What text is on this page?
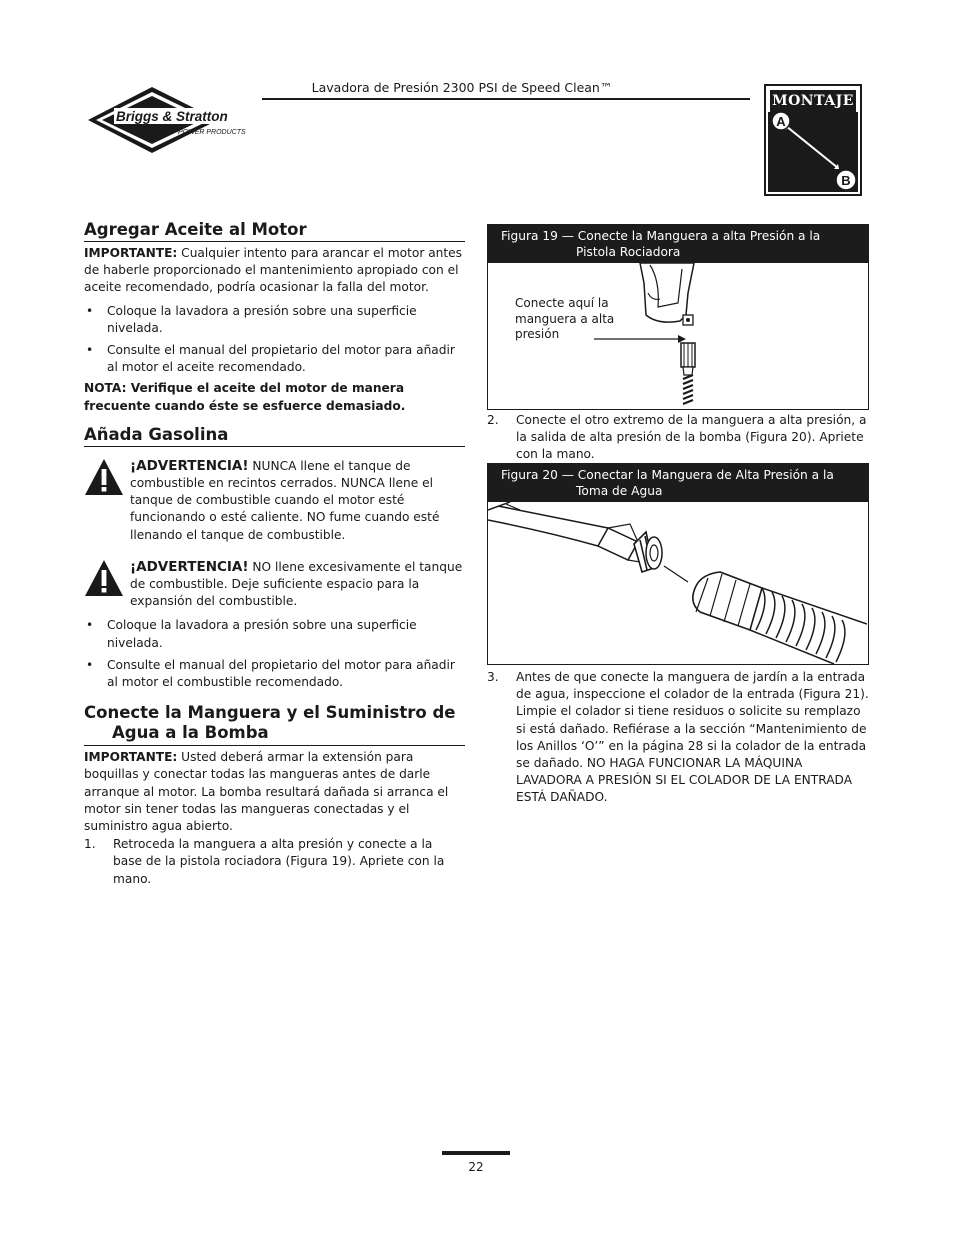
Lavadora de Presión 2300 PSI de Speed Clean™
Briggs & Stratton
POWER PRODUCTS
MONTAJE
A
B
Agregar Aceite al Motor

IMPORTANTE: Cualquier intento para arancar el motor antes de haberle proporcionado el mantenimiento apropiado con el aceite recomendado, podría ocasionar la falla del motor.

• Coloque la lavadora a presión sobre una superficie nivelada.

• Consulte el manual del propietario del motor para añadir al motor el aceite recomendado.

NOTA: Verifique el aceite del motor de manera frecuente cuando éste se esfuerce demasiado.

Añada Gasolina

¡ADVERTENCIA! NUNCA llene el tanque de combustible en recintos cerrados. NUNCA llene el tanque de combustible cuando el motor esté funcionando o esté caliente. NO fume cuando esté llenando el tanque de combustible.

¡ADVERTENCIA! NO llene excesivamente el tanque de combustible. Deje suficiente espacio para la expansión del combustible.

• Coloque la lavadora a presión sobre una superficie nivelada.

• Consulte el manual del propietario del motor para añadir al motor el combustible recomendado.

Conecte la Manguera y el Suministro de
Agua a la Bomba

IMPORTANTE: Usted deberá armar la extensión para boquillas y conectar todas las mangueras antes de darle arranque al motor. La bomba resultará dañada si arranca el motor sin tener todas las mangueras conectadas y el suministro agua abierto.

1. Retroceda la manguera a alta presión y conecte a la base de la pistola rociadora (Figura 19). Apriete con la mano.

Figura 19 — Conecte la Manguera a alta Presión a la Pistola Rociadora
Conecte aquí la manguera a alta presión

2. Conecte el otro extremo de la manguera a alta presión, a la salida de alta presión de la bomba (Figura 20). Apriete con la mano.

Figura 20 — Conectar la Manguera de Alta Presión a la Toma de Agua

3. Antes de que conecte la manguera de jardín a la entrada de agua, inspeccione el colador de la entrada (Figura 21). Limpie el colador si tiene residuos o solicite su remplazo si está dañado. Refiérase a la sección “Mantenimiento de los Anillos ‘O’” en la página 28 si la colador de la entrada se dañado. NO HAGA FUNCIONAR LA MÁQUINA LAVADORA A PRESIÓN SI EL COLADOR DE LA ENTRADA ESTÁ DAÑADO.

22
